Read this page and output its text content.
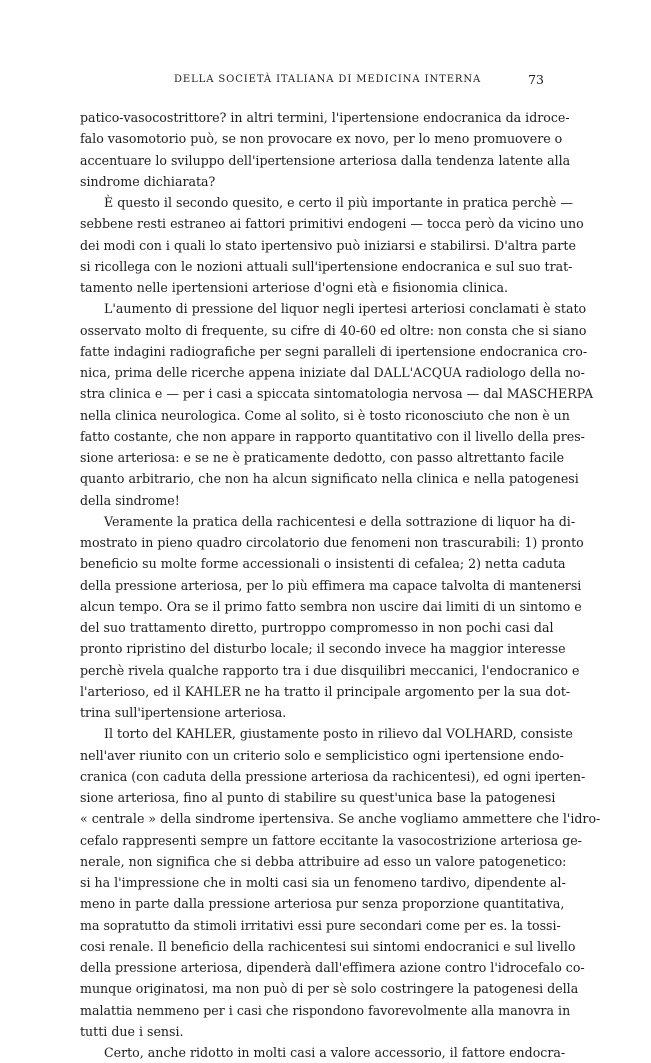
DELLA SOCIETÀ ITALIANA DI MEDICINA INTERNA	73
patico-vasocostrittore? in altri termini, l'ipertensione endocranica da idroce-
falo vasomotorio può, se non provocare ex novo, per lo meno promuovere o
accentuare lo sviluppo dell'ipertensione arteriosa dalla tendenza latente alla
sindrome dichiarata?
È questo il secondo quesito, e certo il più importante in pratica perchè —
sebbene resti estraneo ai fattori primitivi endogeni — tocca però da vicino uno
dei modi con i quali lo stato ipertensivo può iniziarsi e stabilirsi. D'altra parte
si ricollega con le nozioni attuali sull'ipertensione endocranica e sul suo trat-
tamento nelle ipertensioni arteriose d'ogni età e fisionomia clinica.
L'aumento di pressione del liquor negli ipertesi arteriosi conclamati è stato
osservato molto di frequente, su cifre di 40-60 ed oltre: non consta che si siano
fatte indagini radiografiche per segni paralleli di ipertensione endocranica cro-
nica, prima delle ricerche appena iniziate dal DALL'ACQUA radiologo della no-
stra clinica e — per i casi a spiccata sintomatologia nervosa — dal MASCHERPA
nella clinica neurologica. Come al solito, si è tosto riconosciuto che non è un
fatto costante, che non appare in rapporto quantitativo con il livello della pres-
sione arteriosa: e se ne è praticamente dedotto, con passo altrettanto facile
quanto arbitrario, che non ha alcun significato nella clinica e nella patogenesi
della sindrome!
Veramente la pratica della rachicentesi e della sottrazione di liquor ha di-
mostrato in pieno quadro circolatorio due fenomeni non trascurabili: 1) pronto
beneficio su molte forme accessionali o insistenti di cefalea; 2) netta caduta
della pressione arteriosa, per lo più effimera ma capace talvolta di mantenersi
alcun tempo. Ora se il primo fatto sembra non uscire dai limiti di un sintomo e
del suo trattamento diretto, purtroppo compromesso in non pochi casi dal
pronto ripristino del disturbo locale; il secondo invece ha maggior interesse
perchè rivela qualche rapporto tra i due disquilibri meccanici, l'endocranico e
l'arterioso, ed il KAHLER ne ha tratto il principale argomento per la sua dot-
trina sull'ipertensione arteriosa.
Il torto del KAHLER, giustamente posto in rilievo dal VOLHARD, consiste
nell'aver riunito con un criterio solo e semplicistico ogni ipertensione endo-
cranica (con caduta della pressione arteriosa da rachicentesi), ed ogni iperten-
sione arteriosa, fino al punto di stabilire su quest'unica base la patogenesi
« centrale » della sindrome ipertensiva. Se anche vogliamo ammettere che l'idro-
cefalo rappresenti sempre un fattore eccitante la vasocostrizione arteriosa ge-
nerale, non significa che si debba attribuire ad esso un valore patogenetico:
si ha l'impressione che in molti casi sia un fenomeno tardivo, dipendente al-
meno in parte dalla pressione arteriosa pur senza proporzione quantitativa,
ma sopratutto da stimoli irritativi essi pure secondari come per es. la tossi-
cosi renale. Il beneficio della rachicentesi sui sintomi endocranici e sul livello
della pressione arteriosa, dipenderà dall'effimera azione contro l'idrocefalo co-
munque originatosi, ma non può di per sè solo costringere la patogenesi della
malattia nemmeno per i casi che rispondono favorevolmente alla manovra in
tutti due i sensi.
Certo, anche ridotto in molti casi a valore accessorio, il fattore endocra-
